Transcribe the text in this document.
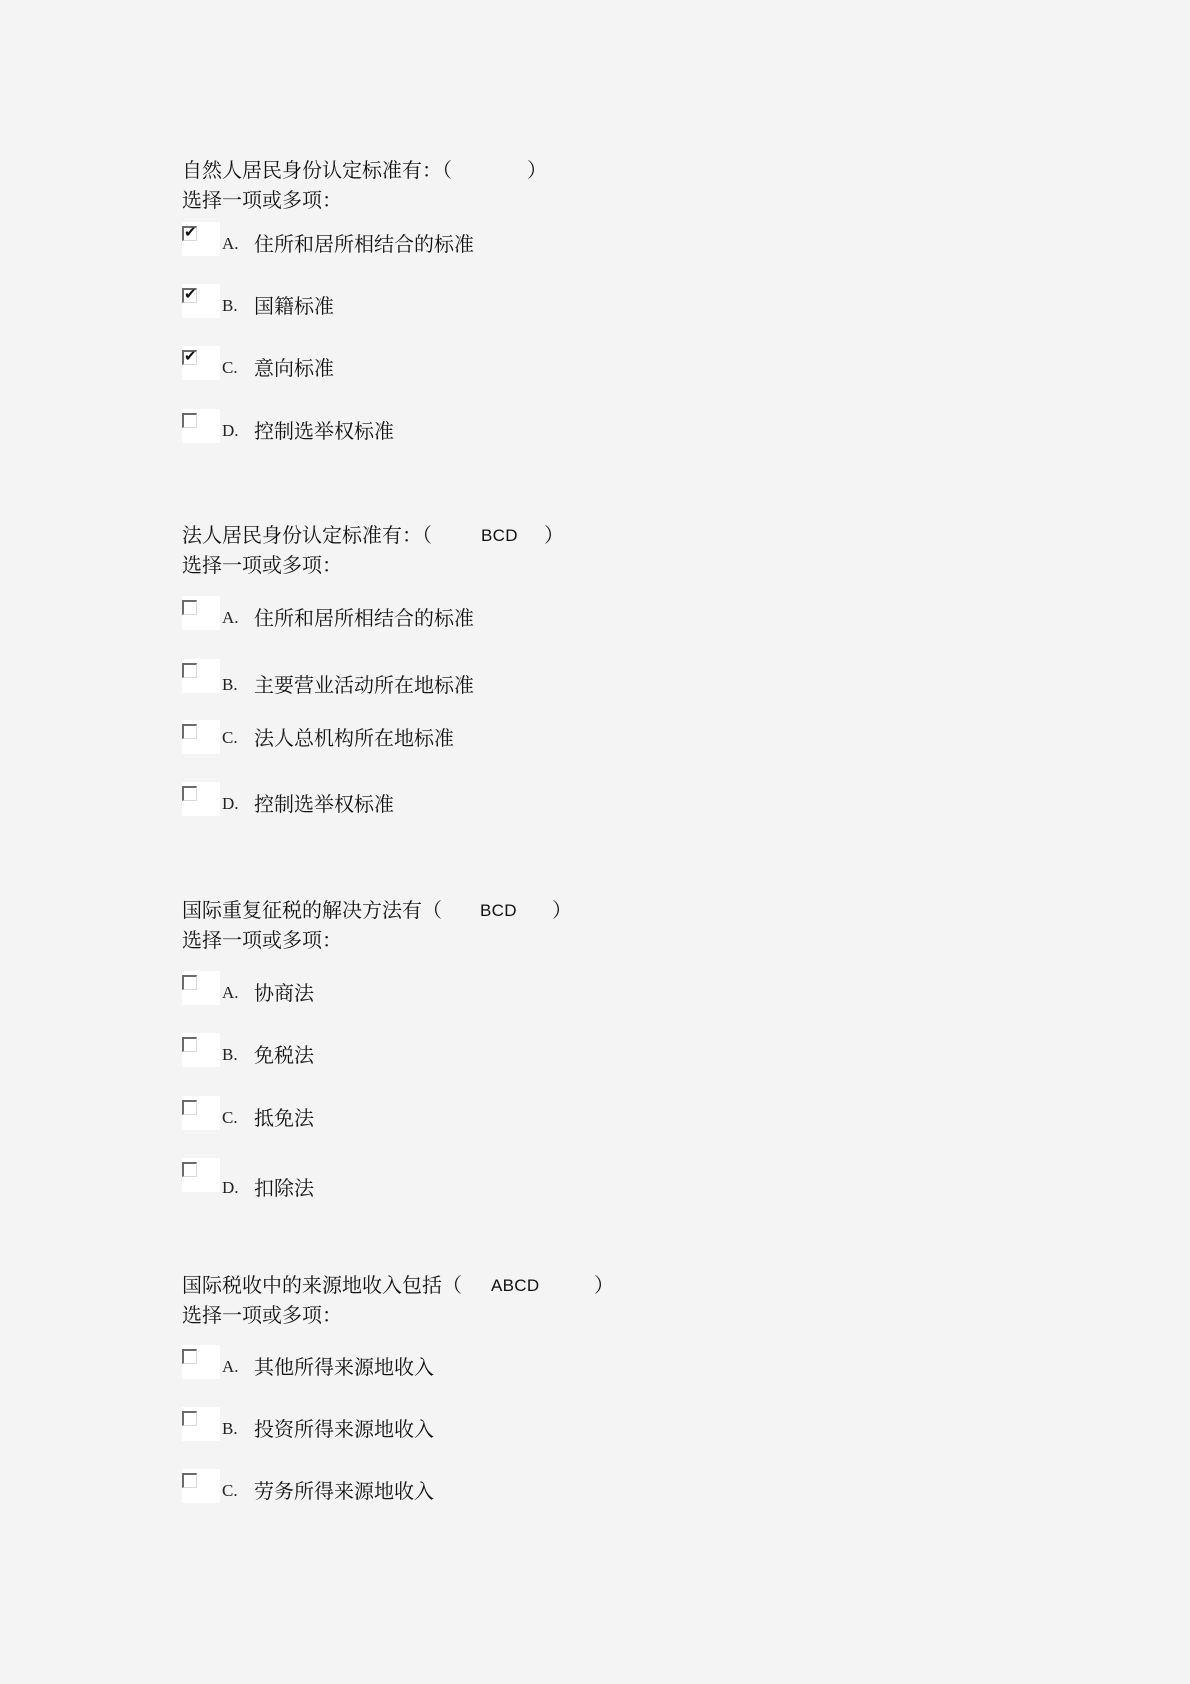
自然人居民身份认定标准有：（	）
选择一项或多项：
✔
A. 住所和居所相结合的标准
✔
B. 国籍标准
✔
C. 意向标准
D. 控制选举权标准
法人居民身份认定标准有：（	BCD ）
选择一项或多项：
A. 住所和居所相结合的标准
B. 主要营业活动所在地标准
C. 法人总机构所在地标准
D. 控制选举权标准
国际重复征税的解决方法有（ BCD ）
选择一项或多项：
A. 协商法
B. 免税法
C. 抵免法
D. 扣除法
国际税收中的来源地收入包括（ ABCD	）
选择一项或多项：
A. 其他所得来源地收入
B. 投资所得来源地收入
C. 劳务所得来源地收入
